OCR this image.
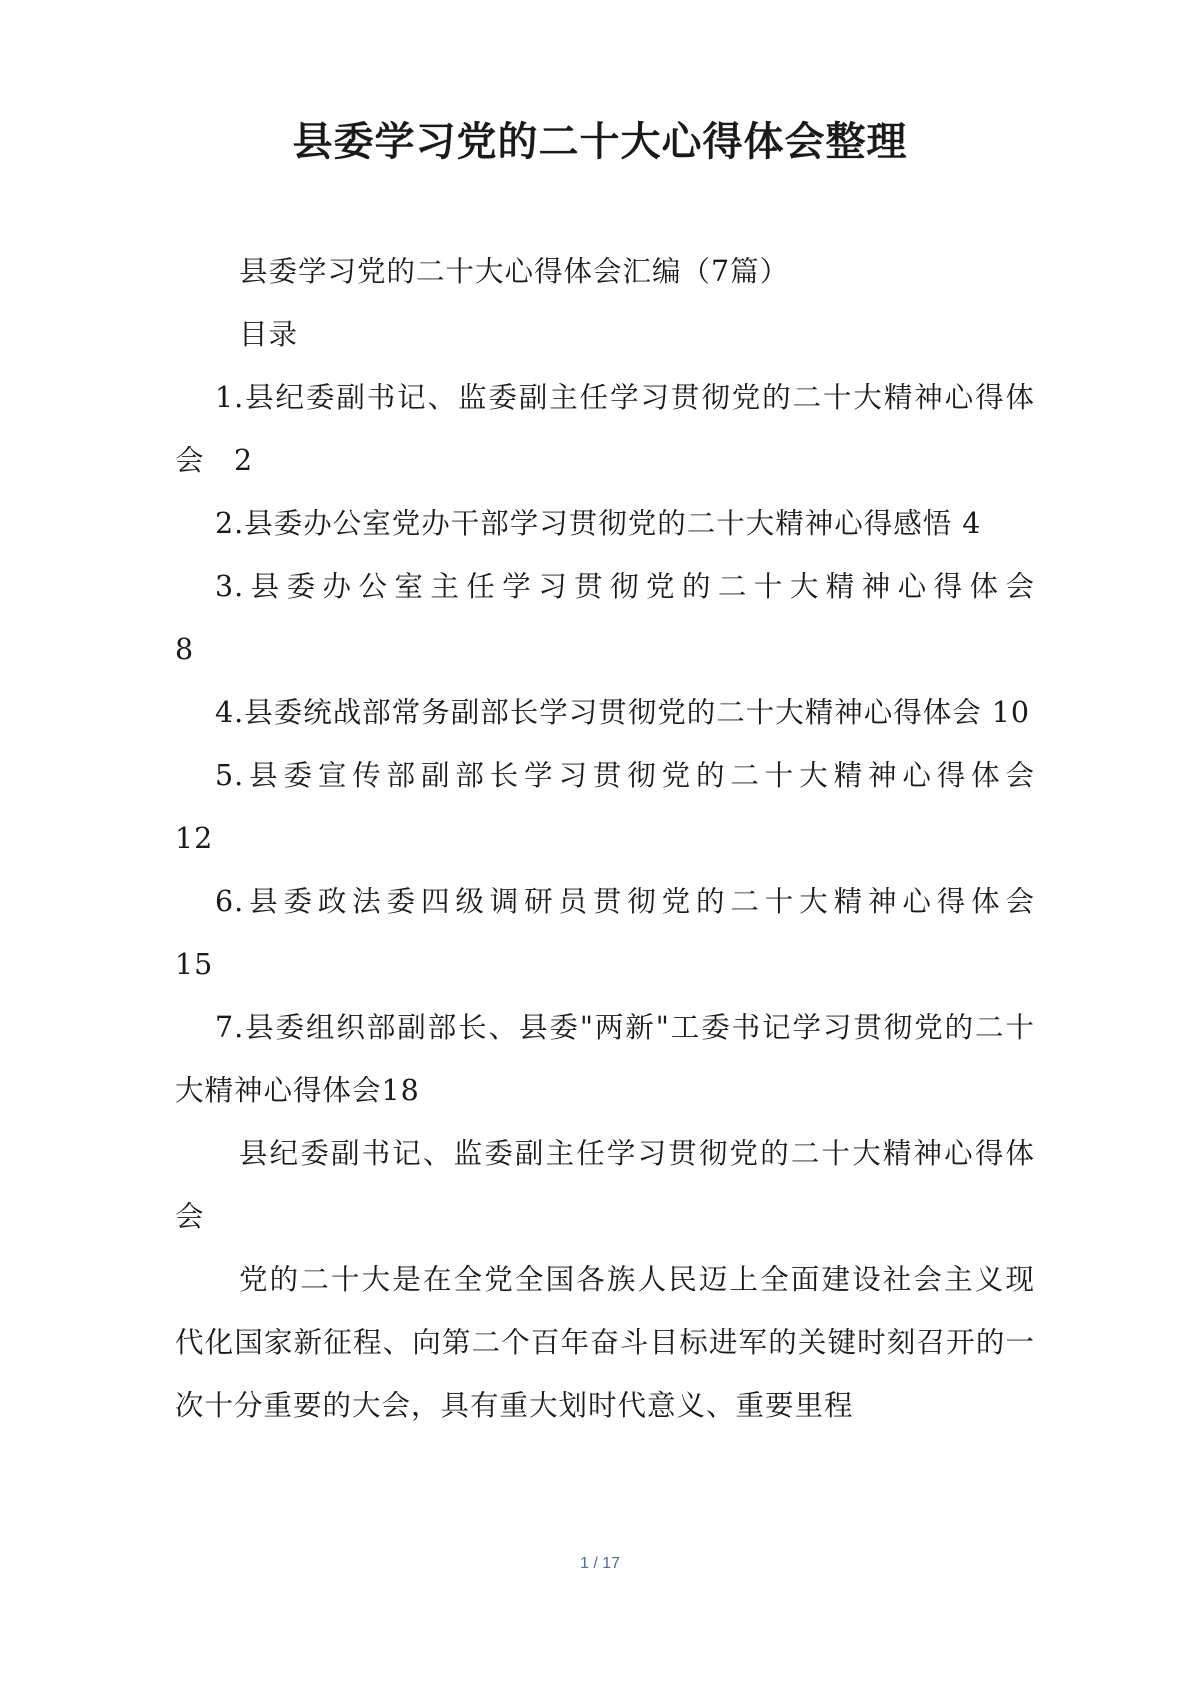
县委学习党的二十大心得体会整理

县委学习党的二十大心得体会汇编（7篇）

目录

1.县纪委副书记、监委副主任学习贯彻党的二十大精神心得体会　2

2.县委办公室党办干部学习贯彻党的二十大精神心得感悟 4

3.县委办公室主任学习贯彻党的二十大精神心得体会　　　　 8

4.县委统战部常务副部长学习贯彻党的二十大精神心得体会 10

5.县委宣传部副部长学习贯彻党的二十大精神心得体会　　　12

6.县委政法委四级调研员贯彻党的二十大精神心得体会　　　15

7.县委组织部副部长、县委"两新"工委书记学习贯彻党的二十大精神心得体会18

县纪委副书记、监委副主任学习贯彻党的二十大精神心得体会

党的二十大是在全党全国各族人民迈上全面建设社会主义现代化国家新征程、向第二个百年奋斗目标进军的关键时刻召开的一次十分重要的大会，具有重大划时代意义、重要里程

1 / 17
